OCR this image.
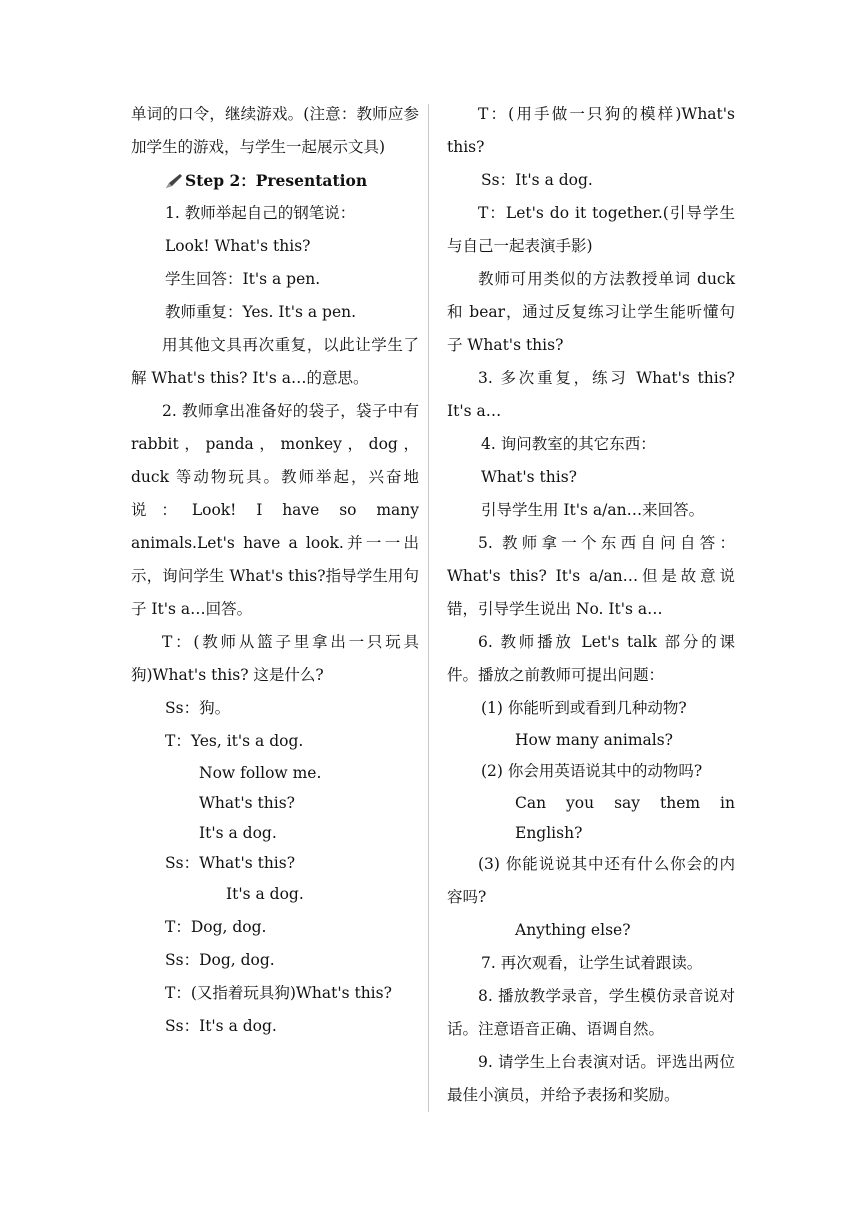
单词的口令，继续游戏。(注意：教师应参加学生的游戏，与学生一起展示文具)

Step 2：Presentation

1. 教师举起自己的钢笔说：

Look! What's this?

学生回答：It's a pen.

教师重复：Yes. It's a pen.

用其他文具再次重复，以此让学生了解 What's this? It's a…的意思。

2. 教师拿出准备好的袋子，袋子中有 rabbit，panda，monkey，dog， duck 等动物玩具。教师举起，兴奋地说：Look! I have so many animals.Let's have a look.并一一出示，询问学生 What's this?指导学生用句子 It's a…回答。

T：(教师从篮子里拿出一只玩具狗)What's this? 这是什么?

Ss：狗。

T：Yes, it's a dog.

Now follow me.

What's this?

It's a dog.

Ss：What's this?

It's a dog.

T：Dog, dog.

Ss：Dog, dog.

T：(又指着玩具狗)What's this?

Ss：It's a dog.

T：(用手做一只狗的模样)What's this?

Ss：It's a dog.

T：Let's do it together.(引导学生与自己一起表演手影)

教师可用类似的方法教授单词 duck 和 bear，通过反复练习让学生能听懂句子 What's this?

3. 多次重复，练习 What's this? It's a…

4. 询问教室的其它东西：

What's this?

引导学生用 It's a/an…来回答。

5. 教师拿一个东西自问自答：What's this? It's a/an…但是故意说错，引导学生说出 No. It's a…

6. 教师播放 Let's talk 部分的课件。播放之前教师可提出问题：

(1) 你能听到或看到几种动物?

How many animals?

(2) 你会用英语说其中的动物吗?

Can you say them in English?

(3) 你能说说其中还有什么你会的内容吗?

Anything else?

7. 再次观看，让学生试着跟读。

8. 播放教学录音，学生模仿录音说对话。注意语音正确、语调自然。

9. 请学生上台表演对话。评选出两位最佳小演员，并给予表扬和奖励。
